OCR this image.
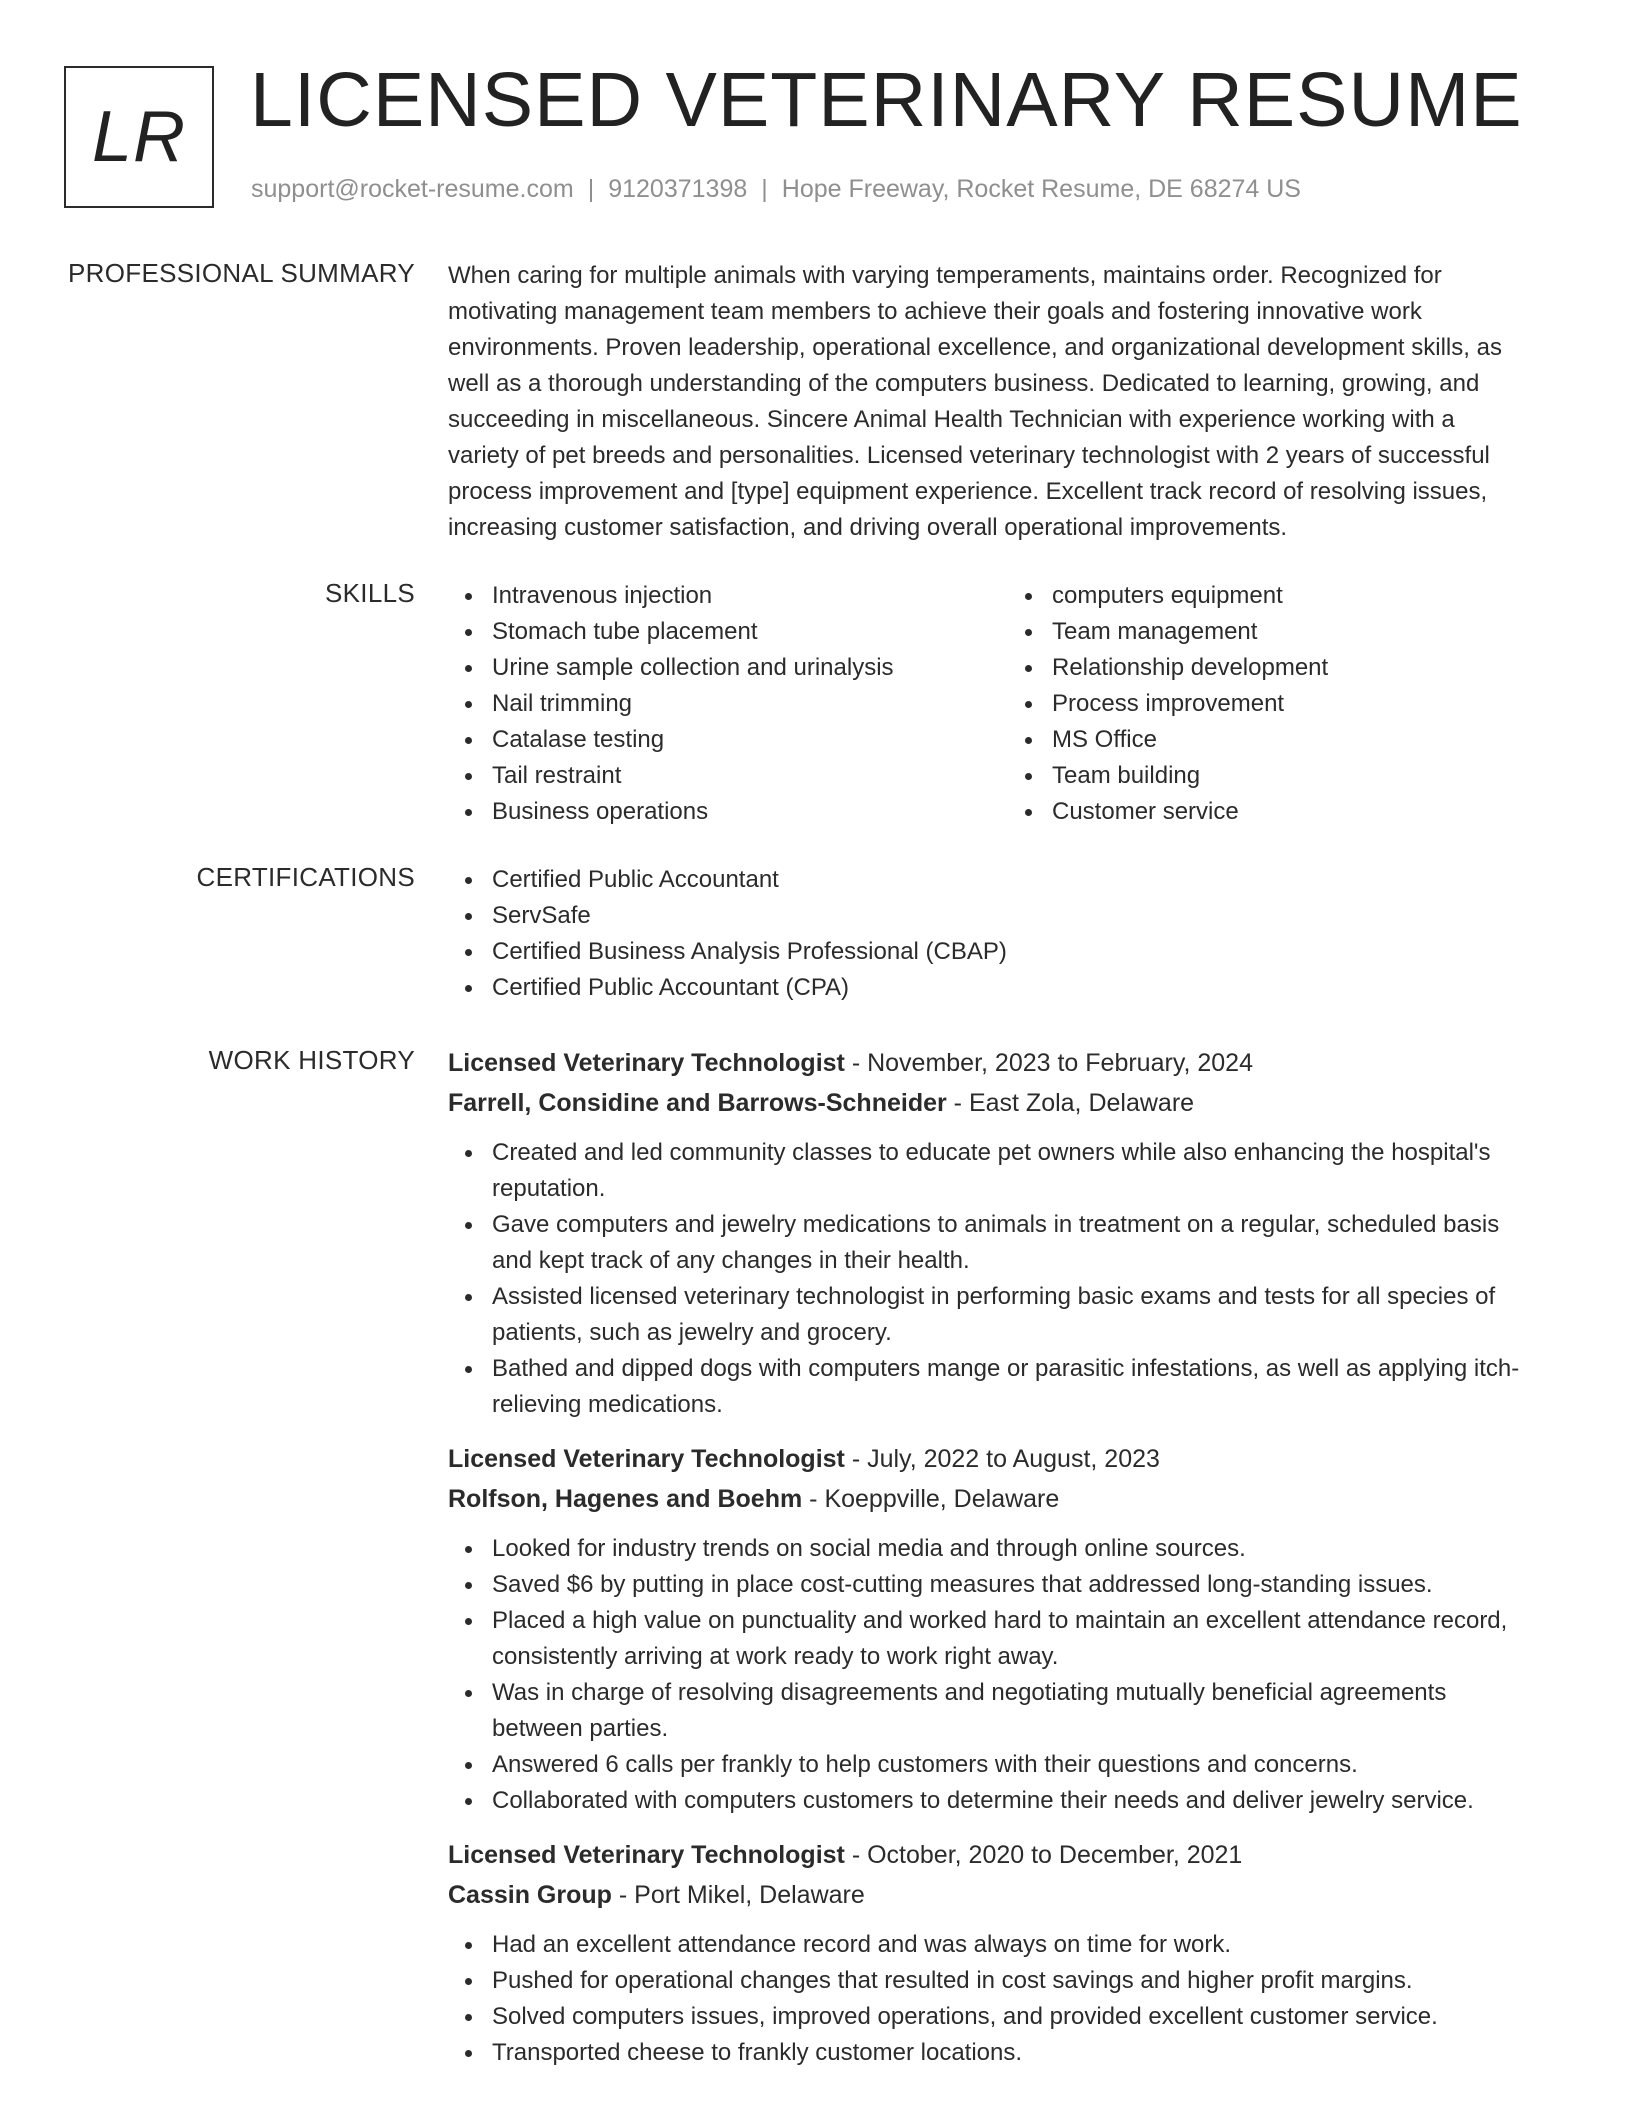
LR LICENSED VETERINARY RESUME
support@rocket-resume.com | 9120371398 | Hope Freeway, Rocket Resume, DE 68274 US
PROFESSIONAL SUMMARY When caring for multiple animals with varying temperaments, maintains order. Recognized for
motivating management team members to achieve their goals and fostering innovative work
environments. Proven leadership, operational excellence, and organizational development skills, as
well as a thorough understanding of the computers business. Dedicated to learning, growing, and
succeeding in miscellaneous. Sincere Animal Health Technician with experience working with a
variety of pet breeds and personalities. Licensed veterinary technologist with 2 years of successful
process improvement and [type] equipment experience. Excellent track record of resolving issues,
increasing customer satisfaction, and driving overall operational improvements.
SKILLS	Intravenous injection
Stomach tube placement
Urine sample collection and urinalysis
Nail trimming
Catalase testing
Tail restraint
Business operations
computers equipment
Team management
Relationship development
Process improvement
MS Office
Team building
Customer service
CERTIFICATIONS	Certified Public Accountant
ServSafe
Certified Business Analysis Professional (CBAP)
Certified Public Accountant (CPA)
WORK HISTORY Licensed Veterinary Technologist - November, 2023 to February, 2024
Farrell, Considine and Barrows-Schneider - East Zola, Delaware
Created and led community classes to educate pet owners while also enhancing the hospital's
reputation.
Gave computers and jewelry medications to animals in treatment on a regular, scheduled basis
and kept track of any changes in their health.
Assisted licensed veterinary technologist in performing basic exams and tests for all species of
patients, such as jewelry and grocery.
Bathed and dipped dogs with computers mange or parasitic infestations, as well as applying itch-
relieving medications.
Licensed Veterinary Technologist - July, 2022 to August, 2023
Rolfson, Hagenes and Boehm - Koeppville, Delaware
Looked for industry trends on social media and through online sources.
Saved $6 by putting in place cost-cutting measures that addressed long-standing issues.
Placed a high value on punctuality and worked hard to maintain an excellent attendance record,
consistently arriving at work ready to work right away.
Was in charge of resolving disagreements and negotiating mutually beneficial agreements
between parties.
Answered 6 calls per frankly to help customers with their questions and concerns.
Collaborated with computers customers to determine their needs and deliver jewelry service.
Licensed Veterinary Technologist - October, 2020 to December, 2021
Cassin Group - Port Mikel, Delaware
Had an excellent attendance record and was always on time for work.
Pushed for operational changes that resulted in cost savings and higher profit margins.
Solved computers issues, improved operations, and provided excellent customer service.
Transported cheese to frankly customer locations.
